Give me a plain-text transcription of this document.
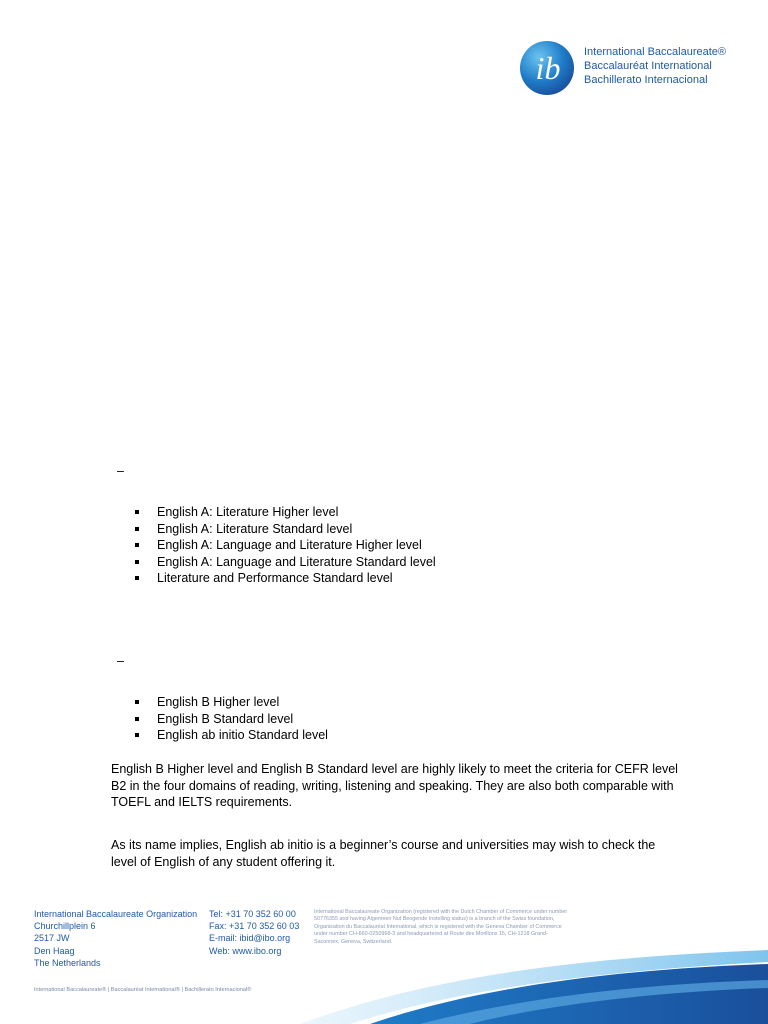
ib International Baccalaureate®
Baccalauréat International
Bachillerato Internacional
–
English A: Literature Higher level
English A: Literature Standard level
English A: Language and Literature Higher level
English A: Language and Literature Standard level
Literature and Performance Standard level
English B Higher level
English B Standard level
English ab initio Standard level

English B Higher level and English B Standard level are highly likely to meet the criteria for CEFR level B2 in the four domains of reading, writing, listening and speaking. They are also both comparable with TOEFL and IELTS requirements.

As its name implies, English ab initio is a beginner’s course and universities may wish to check the level of English of any student offering it.

–
International Baccalaureate Organization
Churchillplein 6
2517 JW
Den Haag
The Netherlands
Tel: +31 70 352 60 00
Fax: +31 70 352 60 03
E-mail: ibid@ibo.org
Web: www.ibo.org
International Baccalaureate Organization (registered with the Dutch Chamber of Commerce under number 50776355 and having Algemeen Nut Beogende Instelling status) is a branch of the Swiss foundation, Organisation du Baccalauréat International, which is registered with the Geneva Chamber of Commerce under number CH-660-0250968-3 and headquartered at Route des Morillons 15, CH-1218 Grand-Saconnex, Geneva, Switzerland.
International Baccalaureate® | Baccalauréat International® | Bachillerato Internacional®
